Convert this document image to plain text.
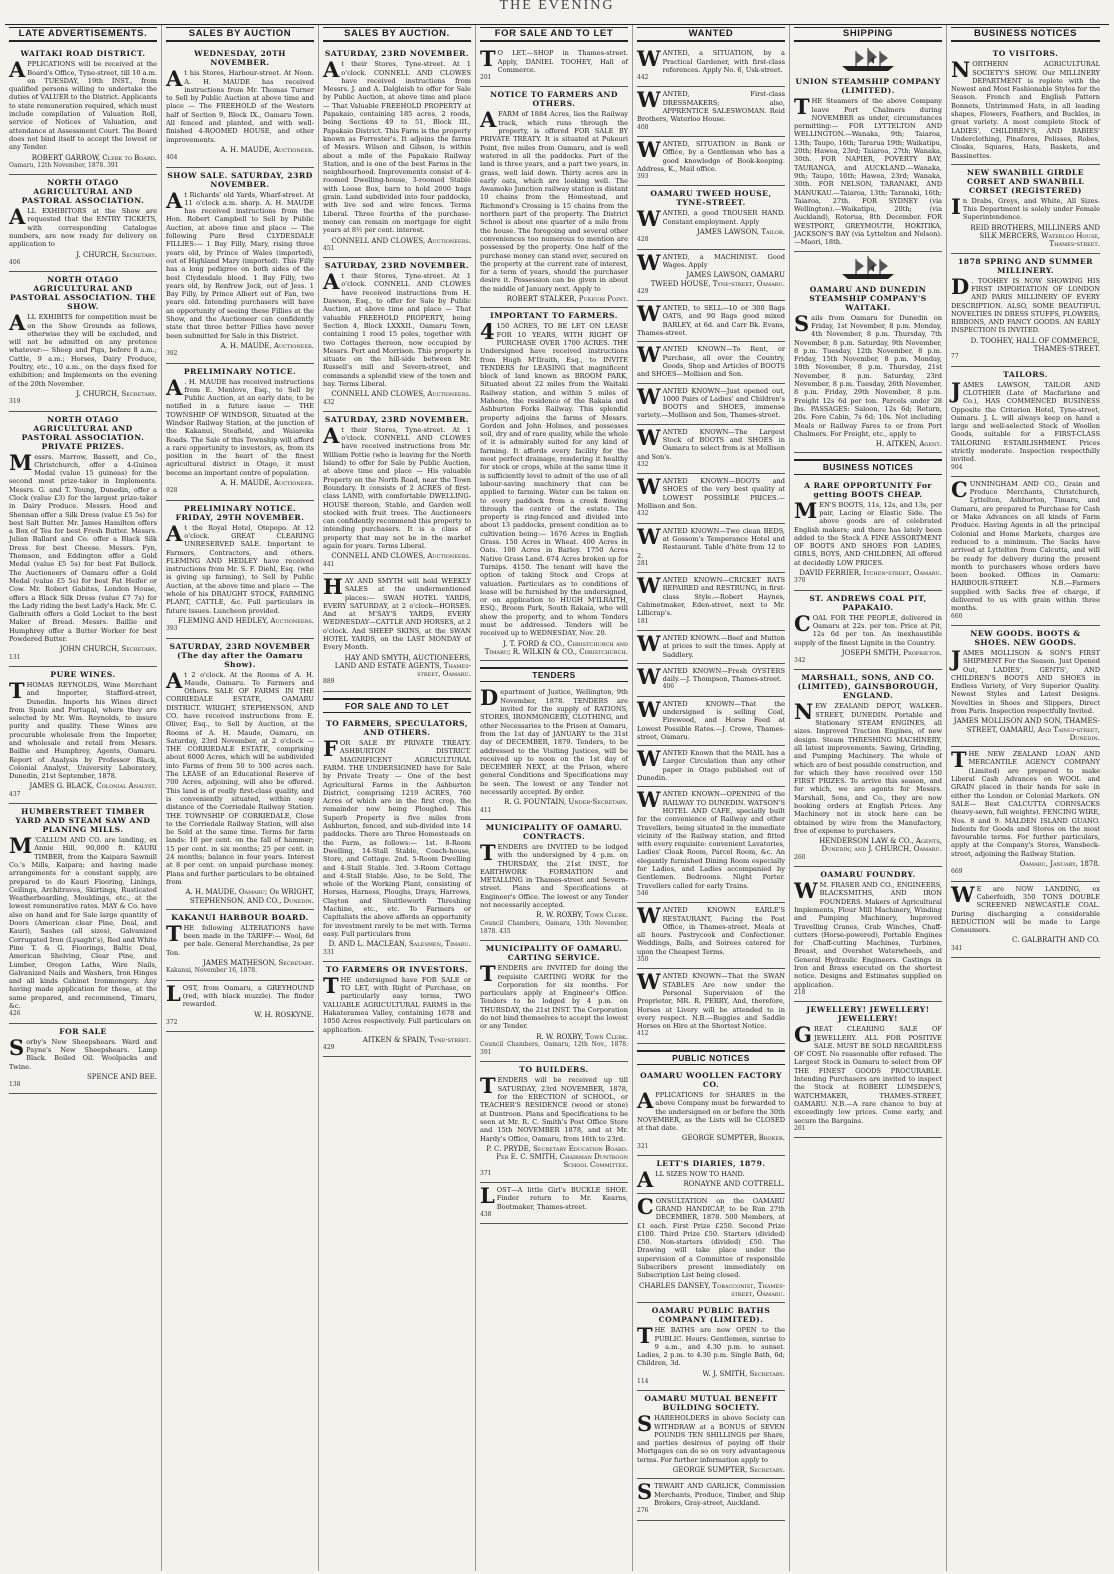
THE EVENING
LATE ADVERTISEMENTS.
WAITAKI ROAD DISTRICT.

APPLICATIONS will be received at the Board's Office, Tyne-street, till 10 a.m. on TUESDAY, 19th INST., from qualified persons willing to undertake the duties of VALUER to the District. Applicants to state remuneration required, which must include compilation of Valuation Roll, service of Notices of Valuation, and attendance at Assessment Court. The Board does not bind itself to accept the lowest or any Tender.

ROBERT GARROW, Clerk to Board.
Oamaru, 12th November, 1878. 391
NORTH OTAGO AGRICULTURAL AND PASTORAL ASSOCIATION.

ALL EXHIBITORS at the Show are requested that the ENTRY TICKETS, with corresponding Catalogue numbers, are now ready for delivery on application to

J. CHURCH, Secretary.
406
NORTH OTAGO AGRICULTURAL AND PASTORAL ASSOCIATION. THE SHOW.

ALL EXHIBITS for competition must be on the Show Grounds as follows, otherwise they will be excluded, and will not be admitted on any pretence whatever:— Sheep and Pigs, before 8 a.m.; Cattle, 9 a.m.; Horses, Dairy Produce, Poultry, etc., 10 a.m., on the days fixed for exhibition; and Implements on the evening of the 20th November.

J. CHURCH, Secretary.
319
NORTH OTAGO AGRICULTURAL AND PASTORAL ASSOCIATION. PRIVATE PRIZES.

Messrs. Marrow, Bassett, and Co., Christchurch, offer a 4-Guinea Medal (value 15 guineas) for the second most prize-taker in Implements. Messrs. G. and T. Young, Dunedin, offer a Clock (value £3) for the largest prize-taker in Dairy Produce. Messrs. Hood and Shennan offer a Silk Dress (value £5 5s) for best Salt Butter. Mr. James Hamilton offers a Box of Tea for best Fresh Butter. Messrs. Julian Ballard and Co. offer a Black Silk Dress for best Cheese. Messrs. Fyn, Thomson, and Eddington offer a Gold Medal (value £5 5s) for best Fat Bullock. The Auctioneers of Oamaru offer a Gold Medal (value £5 5s) for best Fat Heifer or Cow. Mr. Robert Gabites, London House, offers a Black Silk Dress (value £7 7s) for the Lady riding the best Lady's Hack. Mr. C. Galbraith offers a Gold Locket to the best Maker of Bread. Messrs. Baillie and Humphrey offer a Butter Worker for best Powdered Butter.

JOHN CHURCH, Secretary.
131
PURE WINES.

THOMAS REYNOLDS, Wine Merchant and Importer, Stafford-street, Dunedin. Imports his Wines direct from Spain and Portugal, where they are selected by Mr. Wm. Reynolds, to insure purity and quality. These Wines are procurable wholesale from the Importer, and wholesale and retail from Messrs. Baillie and Humphrey, Agents, Oamaru. Report of Analysis by Professor Black, Colonial Analyst, University Laboratory, Dunedin, 21st September, 1878.

JAMES G. BLACK, Colonial Analyst.
437
HUMBERSTREET TIMBER YARD AND STEAM SAW AND PLANING MILLS.

M 'CALLUM AND CO. are landing, ex Annie Hill, 90,000 ft. KAURI TIMBER, from the Kaipara Sawmill Co.'s Mills, Kaipara; and having made arrangements for a constant supply, are prepared to do Kauri Flooring, Linings, Ceilings, Architraves, Skirtings, Rusticated Weatherboarding, Mouldings, etc., at the lowest remunerative rates. MAY & Co. have also on hand and for Sale large quantity of Doors (American clear Pine, Deal, and Kauri), Sashes (all sizes), Galvanized Corrugated Iron (Lysaght's), Red and White Pine T. & G. Floorings, Baltic Deal, American Shelving, Clear Pine, and Lumber, Oregon Laths, Wire Nails, Galvanized Nails and Washers, Iron Hinges and all kinds Cabinet Ironmongery. Any having made application for these, at the same prepared, and recommend, Timaru, &c.

426
FOR SALE

Sorby's New Sheepshears. Ward and Payne's New Sheepshears. Lamp Black. Boiled Oil. Woolpacks and Twine.

SPENCE AND BEE.
138
SALES BY AUCTION
WEDNESDAY, 20TH NOVEMBER.

At his Stores, Harbour-street. At Noon. A. H. MAUDE has received instructions from Mr. Thomas Turner to Sell by Public Auction at above time and place — The FREEHOLD of the Western half of Section 9, Block IX., Oamaru Town. All fenced and planted, and with well-finished 4-ROOMED HOUSE, and other improvements.

A. H. MAUDE, Auctioneer.
404
SHOW SALE. SATURDAY, 23RD NOVEMBER.

At Richards' old Yards, Wharf-street. At 11 o'clock a.m. sharp. A. H. MAUDE has received instructions from the Hon. Robert Campbell to Sell by Public Auction, at above time and place — The following Pure Bred CLYDESDALE FILLIES:— 1 Bay Filly, Mary, rising three years old, by Prince of Wales (imported), out of Highland Mary (imported). This Filly has a long pedigree on both sides of the best Clydesdale blood. 1 Bay Filly, two years old, by Renfrew Jock, out of Jess. 1 Bay Filly, by Prince Albert out of Fan, two years old. Intending purchasers will have an opportunity of seeing these Fillies at the Show, and the Auctioneer can confidently state that three better Fillies have never been submitted for Sale in this District.

A. H. MAUDE, Auctioneer.
392
PRELIMINARY NOTICE.

A . H. MAUDE has received instructions from E. Menlove, Esq., to Sell by Public Auction, at an early date, to be notified in a future issue — THE TOWNSHIP OF WINDSOR, Situated at the Windsor Railway Station, at the junction of the Kakanui, Steafield, and Waiareka Roads. The Sale of this Township will afford a rare opportunity to investors, as, from its position in the heart of the finest agricultural district in Otago, it must become an important centre of population.

A. H. MAUDE, Auctioneer.
928
PRELIMINARY NOTICE. FRIDAY, 29TH NOVEMBER.

At the Royal Hotel, Otepopo. At 12 o'clock. GREAT CLEARING UNRESERVED SALE. Important to Farmers, Contractors, and others. FLEMING AND HEDLEY have received instructions from Mr. S. F. Diehl, Esq. (who is giving up farming), to Sell by Public Auction, at the above time and place — The whole of his DRAUGHT STOCK, FARMING PLANT, CATTLE, &c. Full particulars in future issues. Luncheon provided.

FLEMING AND HEDLEY, Auctioneers.
393
SATURDAY, 23RD NOVEMBER (The day after the Oamaru Show).

At 2 o'clock. At the Rooms of A. H. Maude, Oamaru. To Farmers and Others. SALE OF FARMS IN THE CORRIEDALE ESTATE, OAMARU DISTRICT. WRIGHT, STEPHENSON, AND CO. have received instructions from E. Oliver, Esq., to Sell by Auction, at the Rooms of A. H. Maude, Oamaru, on Saturday, 23rd November, at 2 o'clock — THE CORRIEDALE ESTATE, comprising about 6000 Acres, which will be subdivided into Farms of from 50 to 500 acres each. The LEASE of an Educational Reserve of 700 Acres, adjoining, will also be offered. This land is of really first-class quality, and is conveniently situated, within easy distance of the Corriedale Railway Station. THE TOWNSHIP OF CORRIEDALE, Close to the Corriedale Railway Station, will also be Sold at the same time. Terms for farm lands: 10 per cent. on the fall of hammer; 15 per cent. in six months; 25 per cent. in 24 months; balance in four years. Interest at 8 per cent. on unpaid purchase money. Plans and further particulars to be obtained from

A. H. MAUDE, Oamaru; Or WRIGHT, STEPHENSON, AND CO., Dunedin.
KAKANUI HARBOUR BOARD.

THE following ALTERATIONS have been made in the TARIFF:— Wool, 6d per bale. General Merchandise, 2s per Ton.

JAMES MATHESON, Secretary.
Kakanui, November 16, 1878.

LOST, from Oamaru, a GREYHOUND (red, with black muzzle). The finder rewarded.

W. H. ROSKYNE.
372
SALES BY AUCTION.
SATURDAY, 23RD NOVEMBER.

At their Stores, Tyne-street. At 1 o'clock. CONNELL AND CLOWES have received instructions from Messrs. J. and A. Dalgleish to offer for Sale by Public Auction, at above time and place — That Valuable FREEHOLD PROPERTY at Papakaio, containing 185 acres, 2 roods, being Sections 49 to 51, Block III., Papakaio District. This Farm is the property known as Forrester's. It adjoins the farms of Messrs. Wilson and Gibson, is within about a mile of the Papakaio Railway Station, and is one of the best Farms in the neighbourhood. Improvements consist of 4-roomed Dwelling-house, 3-roomed Stable with Loose Box, barn to hold 2000 bags grain. Land subdivided into four paddocks, with live sod and wire fences. Terms Liberal. Three fourths of the purchase-money can remain on mortgage for eight years at 8½ per cent. interest.

CONNELL AND CLOWES, Auctioneers.
451
SATURDAY, 23RD NOVEMBER.

At their Stores, Tyne-street. At 1 o'clock. CONNELL AND CLOWES have received instructions from H. Dawson, Esq., to offer for Sale by Public Auction, at above time and place — That valuable FREEHOLD PROPERTY, being Section 4, Block LXXXII., Oamaru Town, containing 1 rood 15 poles, together with two Cottages thereon, now occupied by Messrs. Pert and Morrison. This property is situate on the hill-side between Mr. Russell's mill and Severn-street, and commands a splendid view of the town and bay. Terms Liberal.

CONNELL AND CLOWES, Auctioneers.
432
SATURDAY, 23RD NOVEMBER.

At their Stores, Tyne-street. At 1 o'clock. CONNELL AND CLOWES have received instructions from Mr. William Pottie (who is leaving for the North Island) to offer for Sale by Public Auction, at above time and place — His valuable Property on the North Road, near the Town Boundary. It consists of 2 ACRES of first-class LAND, with comfortable DWELLING-HOUSE thereon, Stable, and Garden well stocked with fruit trees. The Auctioneers can confidently recommend this property to intending purchasers. It is a class of property that may not be in the market again for years. Terms Liberal.

CONNELL AND CLOWES, Auctioneers.
441

HAY AND SMYTH will hold WEEKLY SALES at the undermentioned places:— SWAN HOTEL YARDS, EVERY SATURDAY, at 2 o'clock—HORSES. And at M'SAY'S YARDS, EVERY WEDNESDAY—CATTLE AND HORSES, at 2 o'clock. And SHEEP SKINS, at the SWAN HOTEL YARDS, on the LAST MONDAY of Every Month.

HAY AND SMYTH, AUCTIONEERS, LAND AND ESTATE AGENTS, Thames-street, Oamaru.
889
FOR SALE AND TO LET
TO FARMERS, SPECULATORS, AND OTHERS.

FOR SALE BY PRIVATE TREATY. ASHBURTON DISTRICT. MAGNIFICENT AGRICULTURAL FARM. THE UNDERSIGNED have for Sale by Private Treaty — One of the best Agricultural Farms in the Ashburton District, comprising 1219 ACRES, 760 Acres of which are in the first crop, the remainder now being Ploughed. This Superb Property is five miles from Ashburton, fenced, and sub-divided into 14 paddocks. There are Three Homesteads on the Farm, as follows:— 1st. 8-Room Dwelling, 14-Stall Stable, Coach-house, Store, and Cottage. 2nd. 5-Room Dwelling and 4-Stall Stable. 3rd. 3-Room Cottage and 4-Stall Stable. Also, to be Sold, The whole of the Working Plant, consisting of Horses, Harness, Ploughs, Drays, Harrows, Clayton and Shuttleworth Threshing Machine, etc., etc. To Farmers or Capitalists the above affords an opportunity for investment rarely to be met with. Terms easy. Full particulars from

D. AND L. MACLEAN, Salesmen, Timaru.
331
TO FARMERS OR INVESTORS.

THE undersigned have FOR SALE or TO LET, with Right of Purchase, on particularly easy terms, TWO VALUABLE AGRICULTURAL FARMS in the Hakateramea Valley, containing 1678 and 1050 Acres respectively. Full particulars on application.

AITKEN & SPAIN, Tyne-street.
429
FOR SALE AND TO LET

T O LET.—SHOP in Thames-street. Apply, DANIEL TOOHEY, Hall of Commerce.

201
NOTICE TO FARMERS AND OTHERS.

A FARM of 1884 Acres, lies the Railway track, which runs through the property, is offered FOR SALE BY PRIVATE TREATY. It is situated at Pukeuri Point, five miles from Oamaru, and is well watered in all the paddocks. Part of the land is three years, and a part two years, in grass, well laid down. Thirty acres are in early oats, which are looking well. The Awamoko Junction railway station is distant 10 chains from the Homestead, and Richmond's Crossing is 15 chains from the northern part of the property. The District School is about one quarter of a mile from the house. The foregoing and several other conveniences too numerous to mention are possessed by the property. One half of the purchase money can stand over, secured on the property at the current rate of interest, for a term of years, should the purchaser desire it. Possession can be given in about the middle of January next. Apply to

ROBERT STALKER, Pukeuri Point.
IMPORTANT TO FARMERS.

4 150 ACRES, TO BE LET ON LEASE FOR 10 YEARS, WITH RIGHT OF PURCHASE OVER 1700 ACRES. THE Undersigned have received instructions from Hugh M'Ilraith, Esq., to INVITE TENDERS for LEASING that magnificent block of land known as BROOM PARK, Situated about 22 miles from the Waitaki Railway station, and within 5 miles of Maheno, the residence of the Rakaia and Ashburton Forks Railway. This splendid property adjoins the farms of Messrs. Gordon and John Holmes, and possesses soil, dry and of rare quality, while the whole of it is admirably suited for any kind of farming. It affords every facility for the most perfect drainage, rendering it healthy for stock or crops, while at the same time it is sufficiently level to admit of the use of all labour-saving machinery that can be applied to farming. Water can be taken on to every paddock from a creek flowing through the centre of the estate. The property is ring-fenced and divided into about 13 paddocks, present condition as to cultivation being:— 1676 Acres in English Grass. 150 Acres in Wheat. 400 Acres in Oats. 100 Acres in Barley. 1750 Acres Native Grass Land. 674 Acres broken up for Turnips. 4150. The tenant will have the option of taking Stock and Crops at valuation. Particulars as to conditions of lease will be furnished by the undersigned, or on application to HUGH M'ILRAITH, ESQ., Broom Park, South Rakaia, who will show the property, and to whom Tenders must be addressed. Tenders will be received up to WEDNESDAY, Nov. 20.

J. T. FORD & CO., Christchurch and Timaru; R. WILKIN & CO., Christchurch.
TENDERS

Department of Justice, Wellington, 9th November, 1878. TENDERS are invited for the supply of RATIONS, STORES, IRONMONGERY, CLOTHING, and other Necessaries to the Prison at Oamaru, from the 1st day of JANUARY to the 31st day of DECEMBER, 1879. Tenders, to be addressed to the Visiting Justices, will be received up to noon on the 1st day of DECEMBER NEXT, at the Prison, where general Conditions and Specifications may be seen. The lowest or any Tender not necessarily accepted. By order.

R. G. FOUNTAIN, Under-Secretary.
411
MUNICIPALITY OF OAMARU. CONTRACTS.

TENDERS are INVITED to be lodged with the undersigned by 4 p.m. on THURSDAY, the 21st INST., for EARTHWORK FORMATION and METALLING in Thames-street and Severn-street. Plans and Specifications at Engineer's Office. The lowest or any Tender not necessarily accepted.

R. W. ROXBY, Town Clerk.
Council Chambers, Oamaru, 13th November, 1878. 435
MUNICIPALITY OF OAMARU. CARTING SERVICE.

TENDERS are INVITED for doing the requisite CARTING WORK for the Corporation for six months. For particulars apply at Engineer's Office. Tenders to be lodged by 4 p.m. on THURSDAY, the 21st INST. The Corporation do not bind themselves to accept the lowest or any Tender.

R. W. ROXBY, Town Clerk.
Council Chambers, Oamaru, 12th Nov., 1878. 391
TO BUILDERS.

TENDERS will be received up till SATURDAY, 23rd NOVEMBER, 1878, for the ERECTION of SCHOOL, or TEACHER'S RESIDENCE (wood or stone) at Duntroon. Plans and Specifications to be seen at Mr. R. C. Smith's Post Office Store and 15th NOVEMBER 1878, and at Mr. Hardy's Office, Oamaru, from 16th to 23rd.

P. C. PRYDE, Secretary Education Board. Per E. C. SMITH, Chairman Duntroon School Committee.
371

LOST—A little Girl's BUCKLE SHOE. Finder return to Mr. Kearns, Bootmaker, Thames-street.

438
WANTED

WANTED, a SITUATION, by a Practical Gardener, with first-class references. Apply No. 6, Usk-street.

442

WANTED, First-class DRESSMAKERS; also, APPRENTICE SALESWOMAN. Reid Brothers, Waterloo House.

408

WANTED, SITUATION in Bank or Office, by a Gentleman who has a good knowledge of Book-keeping. Address, K., Mail office.

393
OAMARU TWEED HOUSE, TYNE-STREET.

WANTED, a good TROUSER HAND. Constant employment. Apply

JAMES LAWSON, Tailor.
428

WANTED, a MACHINIST. Good Wages. Apply

JAMES LAWSON, OAMARU TWEED HOUSE, Tyne-street, Oamaru.
429

WANTED, to SELL—10 or 300 Bags OATS, and 90 Bags good mixed BARLEY, at 6d. and Carr Bk. Evans, Thames-street.

WANTED KNOWN—To Rent, or Purchase, all over the Country, Goods, Shop and Articles of BOOTS and SHOES—Mollison and Son.

WANTED KNOWN—Just opened out, 1000 Pairs of Ladies' and Children's BOOTS and SHOES, immense variety.—Mollison and Son, Thames-street.

WANTED KNOWN—The Largest Stock of BOOTS and SHOES in Oamaru to select from is at Mollison and Son's.

432

WANTED KNOWN—BOOTS and SHOES of the very best quality at LOWEST POSSIBLE PRICES.—Mollison and Son.

432

WANTED KNOWN—Two clean BEDS, at Gossom's Temperance Hotel and Restaurant. Table d'hôte from 12 to 2.

281

WANTED KNOWN—CRICKET BATS REPAIRED and RESTRUNG, in first-class Style.—Robert Haynes, Cabinetmaker, Eden-street, next to Mr. Lillicrap's.

181

WANTED KNOWN.—Beef and Mutton at prices to suit the times. Apply at Saddlery.

WANTED KNOWN—Fresh OYSTERS daily.—J. Thompson, Thames-street.

406

WANTED KNOWN—That the undersigned is selling Coal, Firewood, and Horse Feed at Lowest Possible Rates.—J. Crowe, Thames-street, Oamaru.

WANTED Known that the MAIL has a Larger Circulation than any other paper in Otago published out of Dunedin.

WANTED KNOWN—OPENING of the RAILWAY TO DUNEDIN. WATSON'S HOTEL AND CAFE, specially built for the convenience of Railway and other Travellers, being situated in the immediate vicinity of the Railway station, and fitted with every requisite: convenient Lavatories, Ladies' Cloak Room, Parcel Room, &c. An elegantly furnished Dining Room especially for Ladies, and Ladies accompanied by Gentlemen. Bedrooms. Night Porter. Travellers called for early Trains.

546

WANTED KNOWN EARLE'S RESTAURANT, Facing the Post Office, in Thames-street. Meals at all hours. Pastrycook and Confectioner. Weddings, Balls, and Soirees catered for upon the Cheapest Terms.

350

WANTED KNOWN—That the SWAN STABLES Are now under the Personal Supervision of the Proprietor, MR. R. PERRY, And, therefore, Horses at Livery will be attended to in every respect. N.B.—Buggies and Saddle Horses on Hire at the Shortest Notice.

412
PUBLIC NOTICES
OAMARU WOOLLEN FACTORY CO.

APPLICATIONS for SHARES in the above Company must be forwarded to the undersigned on or before the 30th NOVEMBER, as the Lists will be CLOSED at that date.

GEORGE SUMPTER, Broker.
321
LETT'S DIARIES, 1879.

ALL SIZES NOW TO HAND.

RONAYNE AND COTTRELL.

CONSULTATION on the OAMARU GRAND HANDICAP, to be Run 27th DECEMBER, 1878. 500 Members, at £1 each. First Prize £250. Second Prize £100. Third Prize £50. Starters (divided) £50. Non-starters (divided) £50. The Drawing will take place under the supervision of a Committee of responsible Subscribers present immediately on Subscription List being closed.

CHARLES DANSEY, Tobacconist, Thames-street, Oamaru.
OAMARU PUBLIC BATHS COMPANY (LIMITED).

THE BATHS are now OPEN to the PUBLIC. Hours: Gentlemen, sunrise to 9 a.m., and 4.30 p.m. to sunset. Ladies, 2 p.m. to 4.30 p.m. Single Bath, 6d; Children, 3d.

W. J. SMITH, Secretary.
114
OAMARU MUTUAL BENEFIT BUILDING SOCIETY.

SHAREHOLDERS in above Society can WITHDRAW at a BONUS of SEVEN POUNDS TEN SHILLINGS per Share, and parties desirous of paying off their Mortgages can do so on very advantageous terms. For further information apply to

GEORGE SUMPTER, Secretary.

STEWART AND GARLICK, Commission Merchants, Produce, Timber, and Ship Brokers, Gray-street, Auckland.

276
SHIPPING
UNION STEAMSHIP COMPANY (LIMITED).

THE Steamers of the above Company leave Port Chalmers during NOVEMBER as under, circumstances permitting:— FOR LYTTELTON AND WELLINGTON.—Wanaka, 9th; Taiaroa, 13th; Taupo, 16th; Tararua 19th; Waikatipu, 20th; Hawea, 23rd; Taiaroa, 27th; Wanaka, 30th. FOR NAPIER, POVERTY BAY, TAURANGA, and AUCKLAND.—Wanaka, 9th; Taupo, 16th; Hawea, 23rd; Wanaka, 30th. FOR NELSON, TARANAKI, AND MANUKAU.—Taiaroa, 13th; Taranaki, 16th; Taiaroa, 27th. FOR SYDNEY (via Wellington).—Waikatipu, 20th; (via Auckland), Rotorua, 8th December. FOR WESTPORT, GREYMOUTH, HOKITIKA, JACKSON'S BAY (via Lyttelton and Nelson).—Maori, 18th.

OAMARU AND DUNEDIN STEAMSHIP COMPANY'S WAITAKI.

Sails from Oamaru for Dunedin on Friday, 1st November, 8 p.m. Monday, 4th November, 8 p.m. Thursday, 7th November, 8 p.m. Saturday, 9th November, 8 p.m. Tuesday, 12th November, 8 p.m. Friday, 15th November, 8 p.m. Monday, 18th November, 8 p.m. Thursday, 21st November, 8 p.m. Saturday, 23rd November, 8 p.m. Tuesday, 26th November, 8 p.m. Friday, 29th November, 8 p.m. Freight 12s 6d per ton. Parcels under 28 lbs. PASSAGES: Saloon, 12s 6d; Return, 20s. Fore Cabin, 7s 6d; 10s. Not including Meals or Railway Fares to or from Port Chalmers. For Freight, etc., apply to

H. AITKEN, Agent.
BUSINESS NOTICES
A RARE OPPORTUNITY For getting BOOTS CHEAP.

MEN'S BOOTS, 11s, 12s, and 13s, per pair, Lacing or Elastic Side. The above goods are of celebrated English makers; and there has lately been added to the Stock A FINE ASSORTMENT OF BOOTS AND SHOES FOR LADIES, GIRLS, BOYS, AND CHILDREN, All offered at decidedly LOW PRICES.

DAVID FERRIER, Itchen-street, Oamaru.
370
ST. ANDREWS COAL PIT, PAPAKAIO.

COAL FOR THE PEOPLE, delivered in Oamaru at 22s. per ton. Price at Pit, 12s 6d per ton. An inexhaustible supply of the finest Lignite in the Country.

JOSEPH SMITH, Proprietor.
342
MARSHALL, SONS, AND CO. (LIMITED), GAINSBOROUGH, ENGLAND.

NEW ZEALAND DEPOT, WALKER-STREET, DUNEDIN. Portable and Stationary STEAM ENGINES, all sizes. Improved Traction Engines, of new design. Steam THRESHING MACHINERY, all latest improvements. Sawing, Grinding, and Pumping Machinery. The whole of which are of best possible construction, and for which they have received over 150 FIRST PRIZES. To arrive this season, and for which, we are agents for Messrs. Marshall, Sons, and Co., they are now booking orders at English Prices. Any Machinery not in stock here can be obtained by wire from the Manufactory, free of expense to purchasers.

HENDERSON LAW & CO., Agents, Dunedin; and J. CHURCH, Oamaru.
260
OAMARU FOUNDRY.

W M. FRASER AND CO., ENGINEERS, BLACKSMITHS, AND IRON FOUNDERS. Makers of Agricultural Implements, Flour Mill Machinery, Winding and Pumping Machinery, Improved Travelling Cranes, Crab Winches, Chaff-cutters (Horse-powered), Portable Engines for Chaff-cutting Machines, Turbines, Breast, and Overshot Waterwheels, and General Hydraulic Engineers. Castings in Iron and Brass executed on the shortest notice. Designs and Estimates supplied on application.

218
JEWELLERY! JEWELLERY! JEWELLERY!

GREAT CLEARING SALE OF JEWELLERY. ALL FOR POSITIVE SALE. MUST BE SOLD REGARDLESS OF COST. No reasonable offer refused. The Largest Stock in Oamaru to select from OF THE FINEST GOODS PROCURABLE. Intending Purchasers are invited to inspect the Stock at ROBERT LUMSDEN'S, WATCHMAKER, THAMES-STREET, OAMARU. N.B.—A rare chance to buy at exceedingly low prices. Come early, and secure the Bargains.

261
BUSINESS NOTICES
TO VISITORS.

NORTHERN AGRICULTURAL SOCIETY'S SHOW. Our MILLINERY DEPARTMENT is replete with the Newest and Most Fashionable Styles for the Season. French and English Pattern Bonnets, Untrimmed Hats, in all leading shapes, Flowers, Feathers, and Buckles, in great variety. A most complete Stock of LADIES', CHILDREN'S, AND BABIES' Underclothing, Pinafores, Pelisses, Robes, Cloaks, Squares, Hats, Baskets, and Bassinettes.

NEW SWANBILL GIRDLE CORSET AND SWANBILL CORSET (REGISTERED)

In Drabs, Greys, and White, All Sizes. This Department is solely under Female Superintendence.

REID BROTHERS, MILLINERS AND SILK MERCERS, Waterloo House, Thames-street.
1878 SPRING AND SUMMER MILLINERY.

D . TOOHEY IS NOW SHOWING HIS FIRST IMPORTATION OF LONDON AND PARIS MILLINERY OF EVERY DESCRIPTION. ALSO, SOME BEAUTIFUL NOVELTIES IN DRESS STUFFS, FLOWERS, RIBBONS, AND FANCY GOODS. AN EARLY INSPECTION IS INVITED.

D. TOOHEY, HALL OF COMMERCE, THAMES-STREET.
77
TAILORS.

JAMES LAWSON, TAILOR AND CLOTHIER (Late of Macfarlane and Co.), HAS COMMENCED BUSINESS Opposite the Criterion Hotel, Tyne-street, Oamaru. J. L. will always keep on hand a large and well-selected Stock of Woollen Goods, suitable for a FIRST-CLASS TAILORING ESTABLISHMENT. Prices strictly moderate. Inspection respectfully invited.

904

CUNNINGHAM AND CO., Grain and Produce Merchants, Christchurch, Lyttelton, Ashburton, Timaru, and Oamaru, are prepared to Purchase for Cash or Make Advances on all kinds of Farm Produce. Having Agents in all the principal Colonial and Home Markets, charges are reduced to a minimum. The Sacks have arrived at Lyttelton from Calcutta, and will be ready for delivery during the present month to purchasers whose orders have been booked. Offices in Oamaru: HARBOUR-STREET. N.B.—Farmers supplied with Sacks free of charge, if delivered to us with grain within three months.

660
NEW GOODS. BOOTS & SHOES. NEW GOODS.

JAMES MOLLISON & SON'S FIRST SHIPMENT For the Season. Just Opened Out, LADIES', GENTS', AND CHILDREN'S BOOTS AND SHOES in Endless Variety, of Very Superior Quality. Newest Styles and Latest Designs. Novelties in Shoes and Slippers, Direct from Paris. Inspection respectfully Invited.

JAMES MOLLISON AND SON, THAMES-STREET, OAMARU, And Tainui-street, Dunedin.

THE NEW ZEALAND LOAN AND MERCANTILE AGENCY COMPANY (Limited) are prepared to make Liberal Cash Advances on WOOL and GRAIN placed in their hands for sale in either the London or Colonial Markets. ON SALE— Best CALCUTTA CORNSACKS (heavy-sewn, full weights). FENCING WIRE, Nos. 8 and 9. MALDEN ISLAND GUANO. Indents for Goods and Stores on the most favourable terms. For further particulars, apply at the Company's Stores, Wansbeck-street, adjoining the Railway Station.

Oamaru, January, 1878.
669

W E are NOW LANDING, ex Caberfeidh, 350 TONS DOUBLE SCREENED NEWCASTLE COAL. During discharging a considerable REDUCTION will be made to Large Consumers.

C. GALBRAITH AND CO.
341
